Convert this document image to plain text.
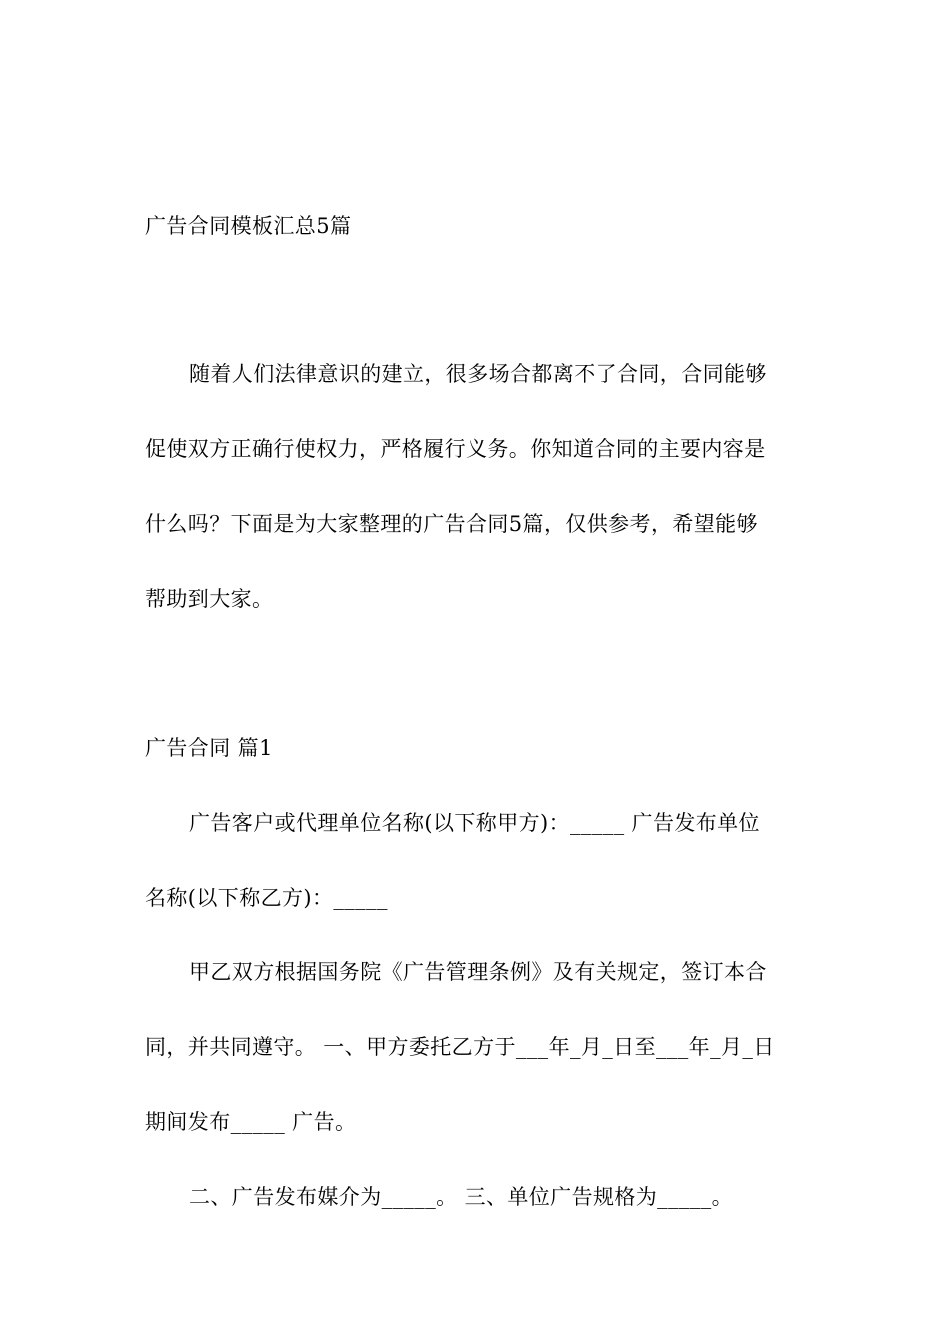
广告合同模板汇总5篇
随着人们法律意识的建立，很多场合都离不了合同，合同能够
促使双方正确行使权力，严格履行义务。你知道合同的主要内容是
什么吗？下面是为大家整理的广告合同5篇，仅供参考，希望能够
帮助到大家。
广告合同 篇1
广告客户或代理单位名称(以下称甲方)：_____ 广告发布单位
名称(以下称乙方)：_____
甲乙双方根据国务院《广告管理条例》及有关规定，签订本合
同，并共同遵守。 一、甲方委托乙方于___年_月_日至___年_月_日
期间发布_____ 广告。
二、广告发布媒介为_____。 三、单位广告规格为_____。
